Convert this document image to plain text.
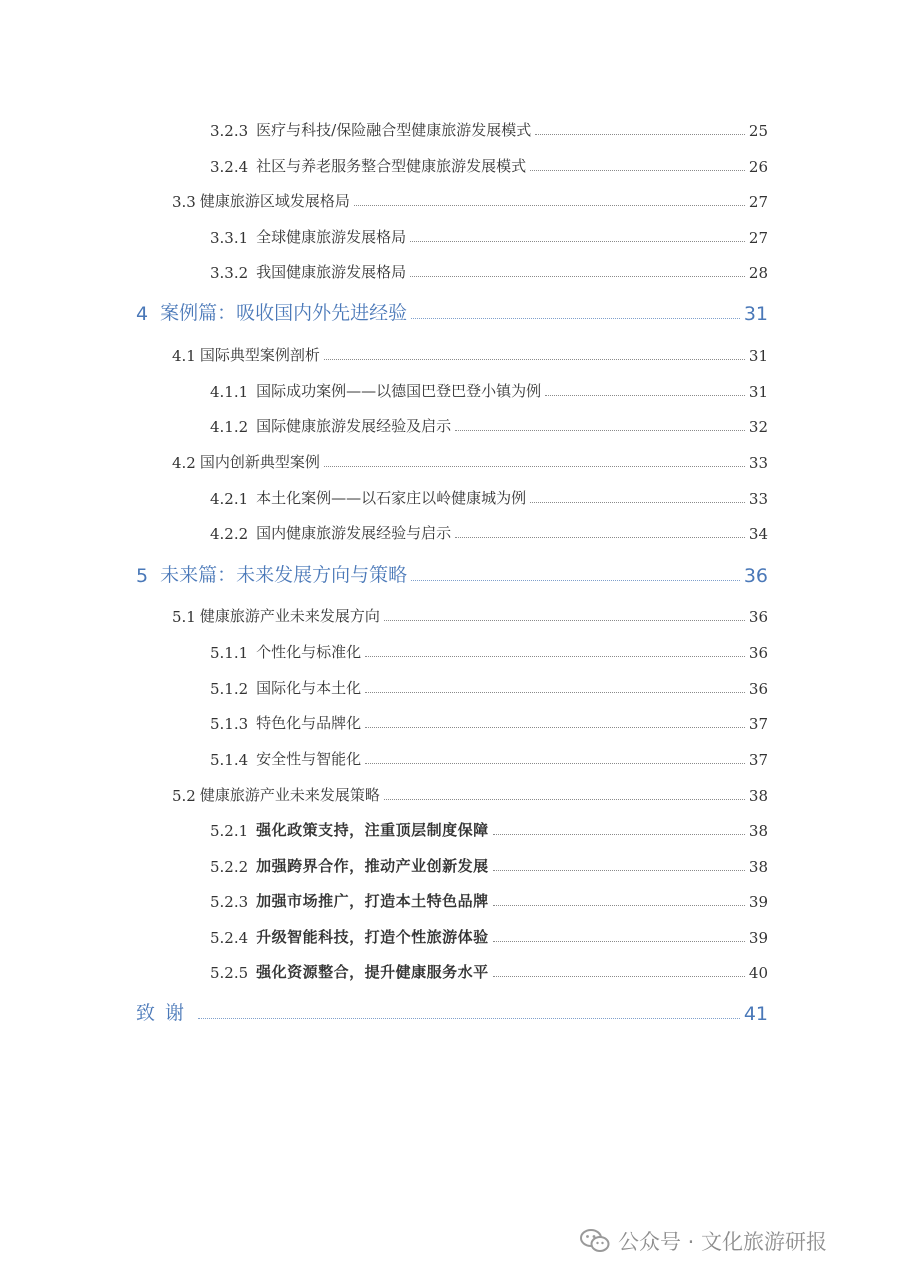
3.2.3 医疗与科技/保险融合型健康旅游发展模式	25
3.2.4 社区与养老服务整合型健康旅游发展模式	26
3.3 健康旅游区域发展格局	27
3.3.1 全球健康旅游发展格局	27
3.3.2 我国健康旅游发展格局	28
4 案例篇：吸收国内外先进经验	31
4.1 国际典型案例剖析	31
4.1.1 国际成功案例——以德国巴登巴登小镇为例	31
4.1.2 国际健康旅游发展经验及启示	32
4.2 国内创新典型案例	33
4.2.1 本土化案例——以石家庄以岭健康城为例	33
4.2.2 国内健康旅游发展经验与启示	34
5 未来篇：未来发展方向与策略	36
5.1 健康旅游产业未来发展方向	36
5.1.1 个性化与标准化	36
5.1.2 国际化与本土化	36
5.1.3 特色化与品牌化	37
5.1.4 安全性与智能化	37
5.2 健康旅游产业未来发展策略	38
5.2.1 强化政策支持，注重顶层制度保障	38
5.2.2 加强跨界合作，推动产业创新发展	38
5.2.3 加强市场推广，打造本土特色品牌	39
5.2.4 升级智能科技，打造个性旅游体验	39
5.2.5 强化资源整合，提升健康服务水平	40
致谢	41
公众号 · 文化旅游研报
